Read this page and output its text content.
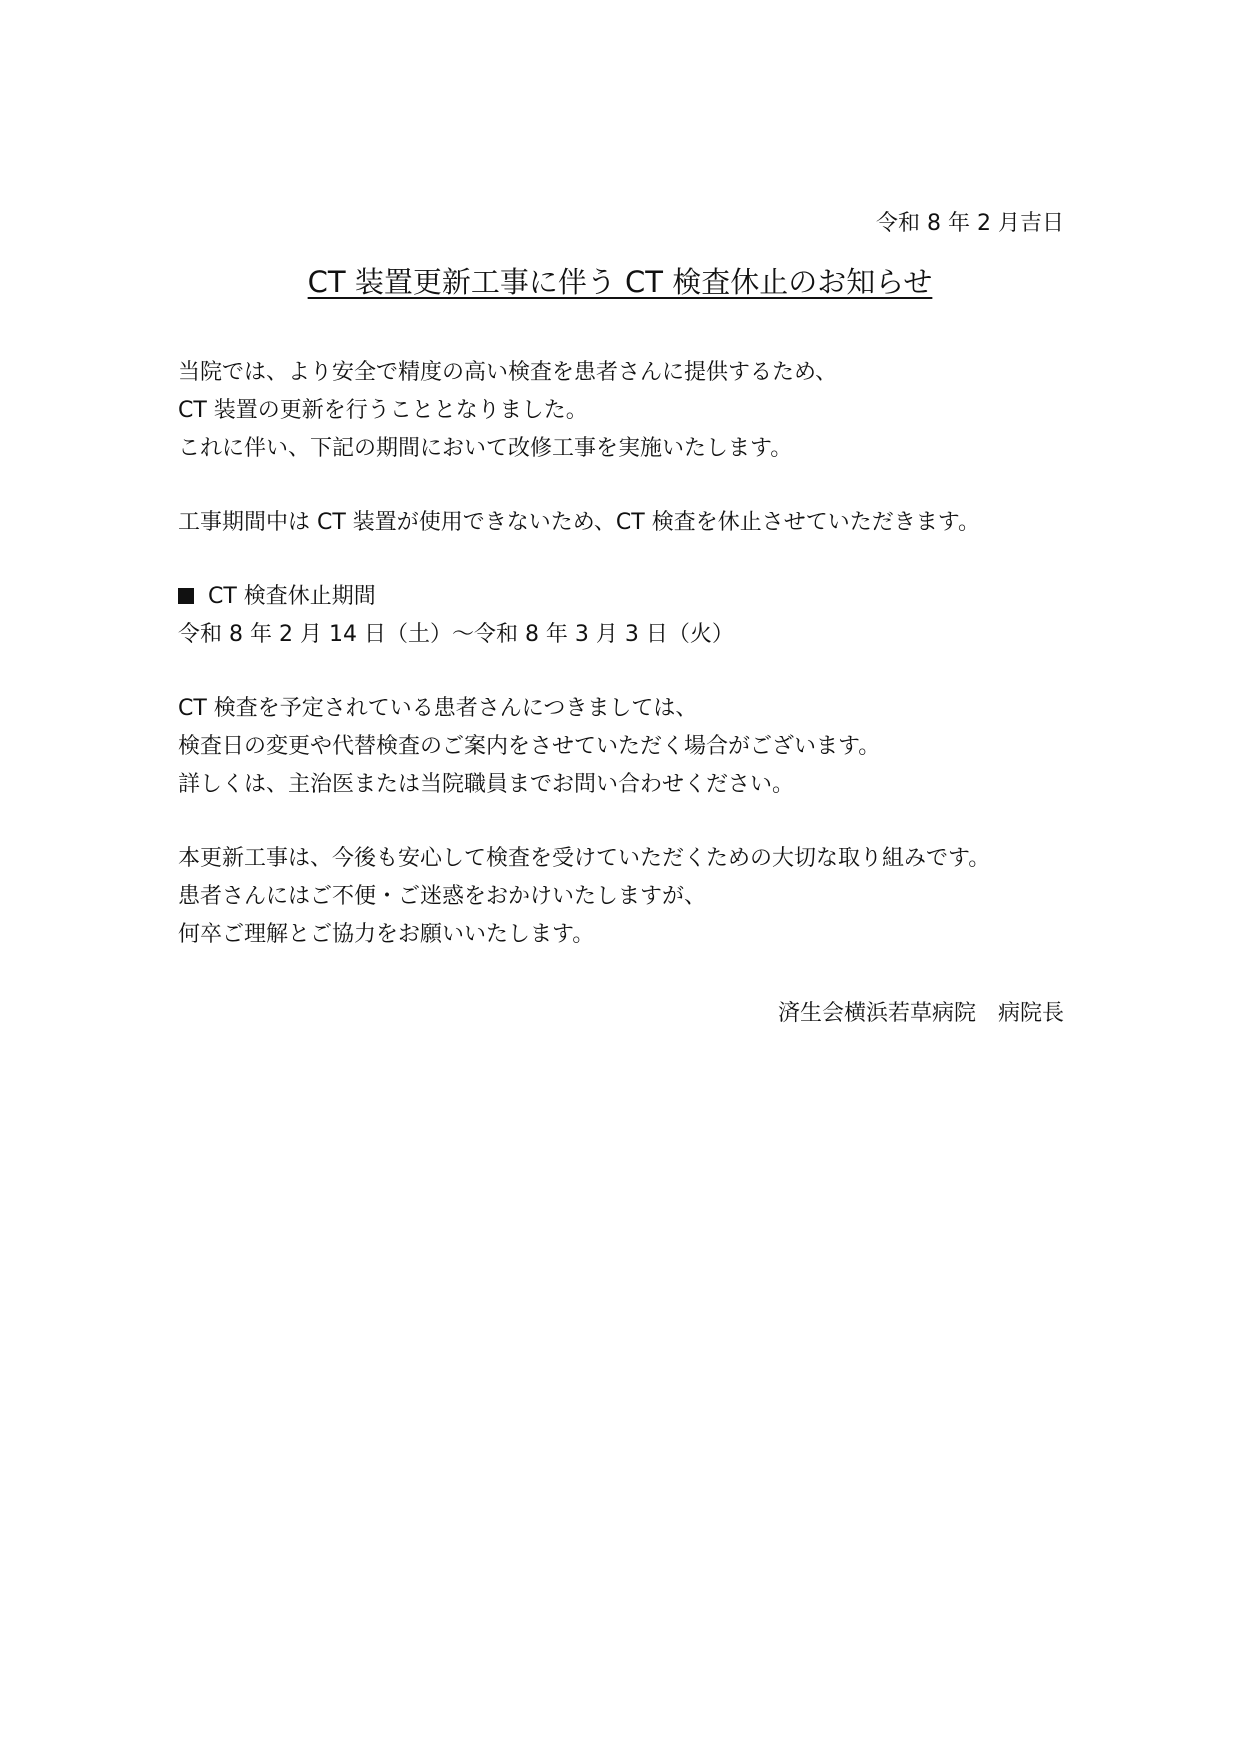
令和 8 年 2 月吉日
CT 装置更新工事に伴う CT 検査休止のお知らせ
当院では、より安全で精度の高い検査を患者さんに提供するため、
CT 装置の更新を行うこととなりました。
これに伴い、下記の期間において改修工事を実施いたします。
工事期間中は CT 装置が使用できないため、CT 検査を休止させていただきます。
CT 検査休止期間
令和 8 年 2 月 14 日（土）～令和 8 年 3 月 3 日（火）
CT 検査を予定されている患者さんにつきましては、
検査日の変更や代替検査のご案内をさせていただく場合がございます。
詳しくは、主治医または当院職員までお問い合わせください。
本更新工事は、今後も安心して検査を受けていただくための大切な取り組みです。
患者さんにはご不便・ご迷惑をおかけいたしますが、
何卒ご理解とご協力をお願いいたします。
済生会横浜若草病院　病院長
